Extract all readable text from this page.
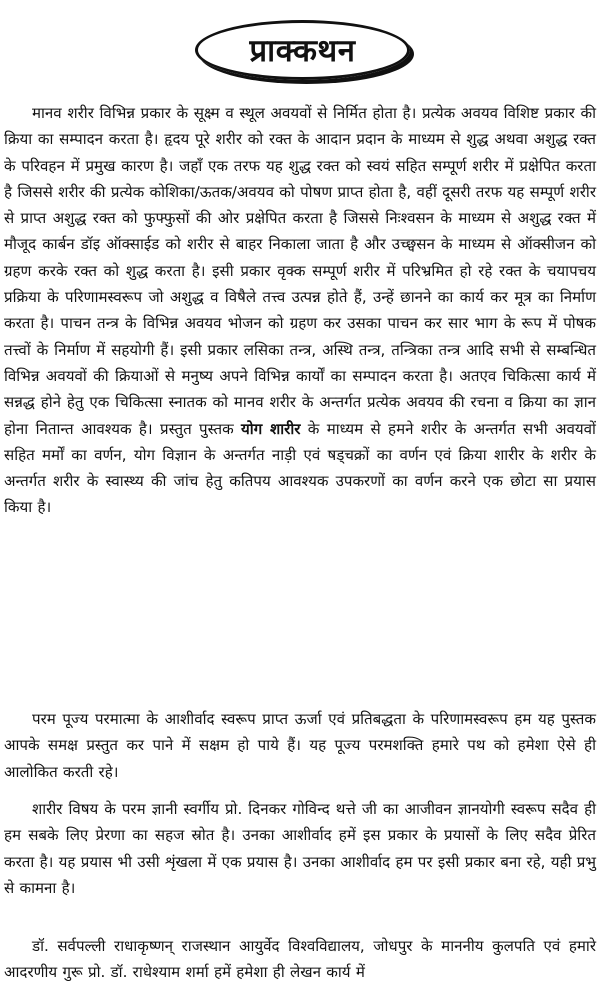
प्राक्कथन

मानव शरीर विभिन्न प्रकार के सूक्ष्म व स्थूल अवयवों से निर्मित होता है। प्रत्येक अवयव विशिष्ट प्रकार की क्रिया का सम्पादन करता है। हृदय पूरे शरीर को रक्त के आदान प्रदान के माध्यम से शुद्ध अथवा अशुद्ध रक्त के परिवहन में प्रमुख कारण है। जहाँ एक तरफ यह शुद्ध रक्त को स्वयं सहित सम्पूर्ण शरीर में प्रक्षेपित करता है जिससे शरीर की प्रत्येक कोशिका/ऊतक/अवयव को पोषण प्राप्त होता है, वहीं दूसरी तरफ यह सम्पूर्ण शरीर से प्राप्त अशुद्ध रक्त को फुफ्फुसों की ओर प्रक्षेपित करता है जिससे निःश्वसन के माध्यम से अशुद्ध रक्त में मौजूद कार्बन डॉइ ऑक्साईड को शरीर से बाहर निकाला जाता है और उच्छ्वसन के माध्यम से ऑक्सीजन को ग्रहण करके रक्त को शुद्ध करता है। इसी प्रकार वृक्क सम्पूर्ण शरीर में परिभ्रमित हो रहे रक्त के चयापचय प्रक्रिया के परिणामस्वरूप जो अशुद्ध व विषैले तत्त्व उत्पन्न होते हैं, उन्हें छानने का कार्य कर मूत्र का निर्माण करता है। पाचन तन्त्र के विभिन्न अवयव भोजन को ग्रहण कर उसका पाचन कर सार भाग के रूप में पोषक तत्त्वों के निर्माण में सहयोगी हैं। इसी प्रकार लसिका तन्त्र, अस्थि तन्त्र, तन्त्रिका तन्त्र आदि सभी से सम्बन्धित विभिन्न अवयवों की क्रियाओं से मनुष्य अपने विभिन्न कार्यों का सम्पादन करता है। अतएव चिकित्सा कार्य में सन्नद्ध होने हेतु एक चिकित्सा स्नातक को मानव शरीर के अन्तर्गत प्रत्येक अवयव की रचना व क्रिया का ज्ञान होना नितान्त आवश्यक है। प्रस्तुत पुस्तक योग शारीर के माध्यम से हमने शरीर के अन्तर्गत सभी अवयवों सहित मर्मों का वर्णन, योग विज्ञान के अन्तर्गत नाड़ी एवं षड्चक्रों का वर्णन एवं क्रिया शारीर के शरीर के अन्तर्गत शरीर के स्वास्थ्य की जांच हेतु कतिपय आवश्यक उपकरणों का वर्णन करने एक छोटा सा प्रयास किया है।

परम पूज्य परमात्मा के आशीर्वाद स्वरूप प्राप्त ऊर्जा एवं प्रतिबद्धता के परिणामस्वरूप हम यह पुस्तक आपके समक्ष प्रस्तुत कर पाने में सक्षम हो पाये हैं। यह पूज्य परमशक्ति हमारे पथ को हमेशा ऐसे ही आलोकित करती रहे।

शारीर विषय के परम ज्ञानी स्वर्गीय प्रो. दिनकर गोविन्द थत्ते जी का आजीवन ज्ञानयोगी स्वरूप सदैव ही हम सबके लिए प्रेरणा का सहज स्रोत है। उनका आशीर्वाद हमें इस प्रकार के प्रयासों के लिए सदैव प्रेरित करता है। यह प्रयास भी उसी शृंखला में एक प्रयास है। उनका आशीर्वाद हम पर इसी प्रकार बना रहे, यही प्रभु से कामना है।

डॉ. सर्वपल्ली राधाकृष्णन् राजस्थान आयुर्वेद विश्वविद्यालय, जोधपुर के माननीय कुलपति एवं हमारे आदरणीय गुरू प्रो. डॉ. राधेश्याम शर्मा हमें हमेशा ही लेखन कार्य में
